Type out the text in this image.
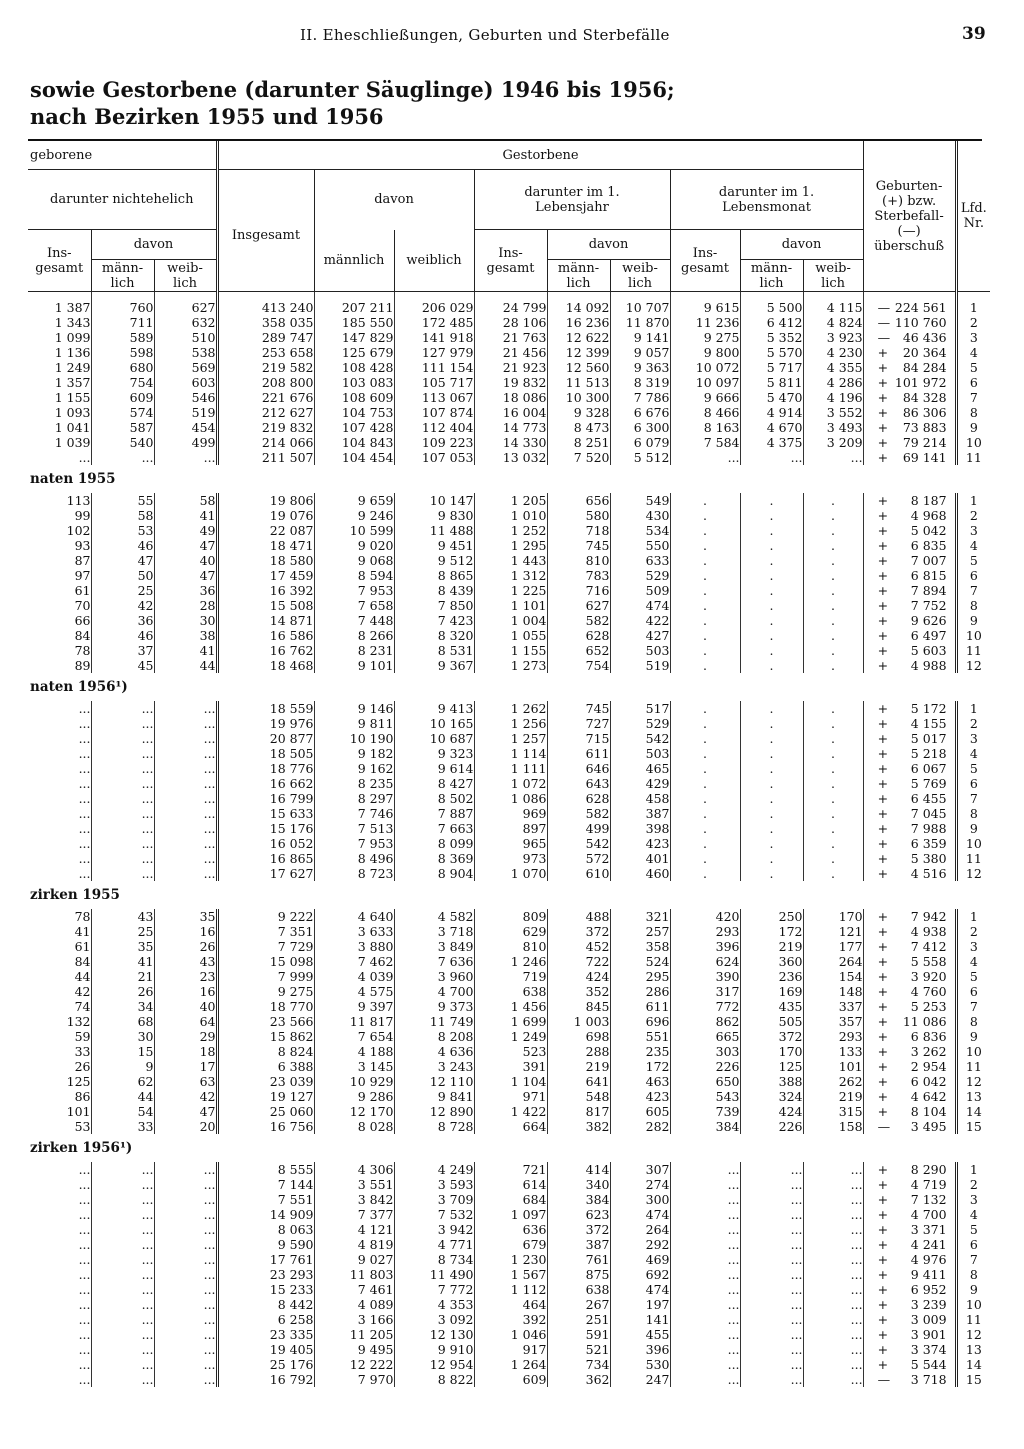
II. Eheschließungen, Geburten und Sterbefälle	39
sowie Gestorbene (darunter Säuglinge) 1946 bis 1956;
nach Bezirken 1955 und 1956
geborene			Gestorbene									Geburten- (+) bzw. Sterbefall- (—) überschuß	Lfd. Nr.
darunter nichtehelich			Insgesamt	davon		darunter im 1. Lebensjahr			darunter im 1. Lebensmonat				
Ins- gesamt	davon			männlich	weiblich	Ins- gesamt	davon		Ins- gesamt	davon			
	männ- lich	weib- lich					männ- lich	weib- lich		männ- lich	weib- lich		

1 387	760	627	413 240	207 211	206 029	24 799	14 092	10 707	9 615	5 500	4 115	— 224 561	1
1 343	711	632	358 035	185 550	172 485	28 106	16 236	11 870	11 236	6 412	4 824	— 110 760	2
1 099	589	510	289 747	147 829	141 918	21 763	12 622	9 141	9 275	5 352	3 923	— 46 436	3
1 136	598	538	253 658	125 679	127 979	21 456	12 399	9 057	9 800	5 570	4 230	+ 20 364	4
1 249	680	569	219 582	108 428	111 154	21 923	12 560	9 363	10 072	5 717	4 355	+ 84 284	5
1 357	754	603	208 800	103 083	105 717	19 832	11 513	8 319	10 097	5 811	4 286	+ 101 972	6
1 155	609	546	221 676	108 609	113 067	18 086	10 300	7 786	9 666	5 470	4 196	+ 84 328	7
1 093	574	519	212 627	104 753	107 874	16 004	9 328	6 676	8 466	4 914	3 552	+ 86 306	8
1 041	587	454	219 832	107 428	112 404	14 773	8 473	6 300	8 163	4 670	3 493	+ 73 883	9
1 039	540	499	214 066	104 843	109 223	14 330	8 251	6 079	7 584	4 375	3 209	+ 79 214	10
...	...	...	211 507	104 454	107 053	13 032	7 520	5 512	...	...	...	+ 69 141	11
naten 1955													
113	55	58	19 806	9 659	10 147	1 205	656	549	.	.	.	+ 8 187	1
99	58	41	19 076	9 246	9 830	1 010	580	430	.	.	.	+ 4 968	2
102	53	49	22 087	10 599	11 488	1 252	718	534	.	.	.	+ 5 042	3
93	46	47	18 471	9 020	9 451	1 295	745	550	.	.	.	+ 6 835	4
87	47	40	18 580	9 068	9 512	1 443	810	633	.	.	.	+ 7 007	5
97	50	47	17 459	8 594	8 865	1 312	783	529	.	.	.	+ 6 815	6
61	25	36	16 392	7 953	8 439	1 225	716	509	.	.	.	+ 7 894	7
70	42	28	15 508	7 658	7 850	1 101	627	474	.	.	.	+ 7 752	8
66	36	30	14 871	7 448	7 423	1 004	582	422	.	.	.	+ 9 626	9
84	46	38	16 586	8 266	8 320	1 055	628	427	.	.	.	+ 6 497	10
78	37	41	16 762	8 231	8 531	1 155	652	503	.	.	.	+ 5 603	11
89	45	44	18 468	9 101	9 367	1 273	754	519	.	.	.	+ 4 988	12
naten 1956¹)													
...	...	...	18 559	9 146	9 413	1 262	745	517	.	.	.	+ 5 172	1
...	...	...	19 976	9 811	10 165	1 256	727	529	.	.	.	+ 4 155	2
...	...	...	20 877	10 190	10 687	1 257	715	542	.	.	.	+ 5 017	3
...	...	...	18 505	9 182	9 323	1 114	611	503	.	.	.	+ 5 218	4
...	...	...	18 776	9 162	9 614	1 111	646	465	.	.	.	+ 6 067	5
...	...	...	16 662	8 235	8 427	1 072	643	429	.	.	.	+ 5 769	6
...	...	...	16 799	8 297	8 502	1 086	628	458	.	.	.	+ 6 455	7
...	...	...	15 633	7 746	7 887	969	582	387	.	.	.	+ 7 045	8
...	...	...	15 176	7 513	7 663	897	499	398	.	.	.	+ 7 988	9
...	...	...	16 052	7 953	8 099	965	542	423	.	.	.	+ 6 359	10
...	...	...	16 865	8 496	8 369	973	572	401	.	.	.	+ 5 380	11
...	...	...	17 627	8 723	8 904	1 070	610	460	.	.	.	+ 4 516	12
zirken 1955													
78	43	35	9 222	4 640	4 582	809	488	321	420	250	170	+ 7 942	1
41	25	16	7 351	3 633	3 718	629	372	257	293	172	121	+ 4 938	2
61	35	26	7 729	3 880	3 849	810	452	358	396	219	177	+ 7 412	3
84	41	43	15 098	7 462	7 636	1 246	722	524	624	360	264	+ 5 558	4
44	21	23	7 999	4 039	3 960	719	424	295	390	236	154	+ 3 920	5
42	26	16	9 275	4 575	4 700	638	352	286	317	169	148	+ 4 760	6
74	34	40	18 770	9 397	9 373	1 456	845	611	772	435	337	+ 5 253	7
132	68	64	23 566	11 817	11 749	1 699	1 003	696	862	505	357	+ 11 086	8
59	30	29	15 862	7 654	8 208	1 249	698	551	665	372	293	+ 6 836	9
33	15	18	8 824	4 188	4 636	523	288	235	303	170	133	+ 3 262	10
26	9	17	6 388	3 145	3 243	391	219	172	226	125	101	+ 2 954	11
125	62	63	23 039	10 929	12 110	1 104	641	463	650	388	262	+ 6 042	12
86	44	42	19 127	9 286	9 841	971	548	423	543	324	219	+ 4 642	13
101	54	47	25 060	12 170	12 890	1 422	817	605	739	424	315	+ 8 104	14
53	33	20	16 756	8 028	8 728	664	382	282	384	226	158	— 3 495	15
zirken 1956¹)													
...	...	...	8 555	4 306	4 249	721	414	307	...	...	...	+ 8 290	1
...	...	...	7 144	3 551	3 593	614	340	274	...	...	...	+ 4 719	2
...	...	...	7 551	3 842	3 709	684	384	300	...	...	...	+ 7 132	3
...	...	...	14 909	7 377	7 532	1 097	623	474	...	...	...	+ 4 700	4
...	...	...	8 063	4 121	3 942	636	372	264	...	...	...	+ 3 371	5
...	...	...	9 590	4 819	4 771	679	387	292	...	...	...	+ 4 241	6
...	...	...	17 761	9 027	8 734	1 230	761	469	...	...	...	+ 4 976	7
...	...	...	23 293	11 803	11 490	1 567	875	692	...	...	...	+ 9 411	8
...	...	...	15 233	7 461	7 772	1 112	638	474	...	...	...	+ 6 952	9
...	...	...	8 442	4 089	4 353	464	267	197	...	...	...	+ 3 239	10
...	...	...	6 258	3 166	3 092	392	251	141	...	...	...	+ 3 009	11
...	...	...	23 335	11 205	12 130	1 046	591	455	...	...	...	+ 3 901	12
...	...	...	19 405	9 495	9 910	917	521	396	...	...	...	+ 3 374	13
...	...	...	25 176	12 222	12 954	1 264	734	530	...	...	...	+ 5 544	14
...	...	...	16 792	7 970	8 822	609	362	247	...	...	...	— 3 718	15
